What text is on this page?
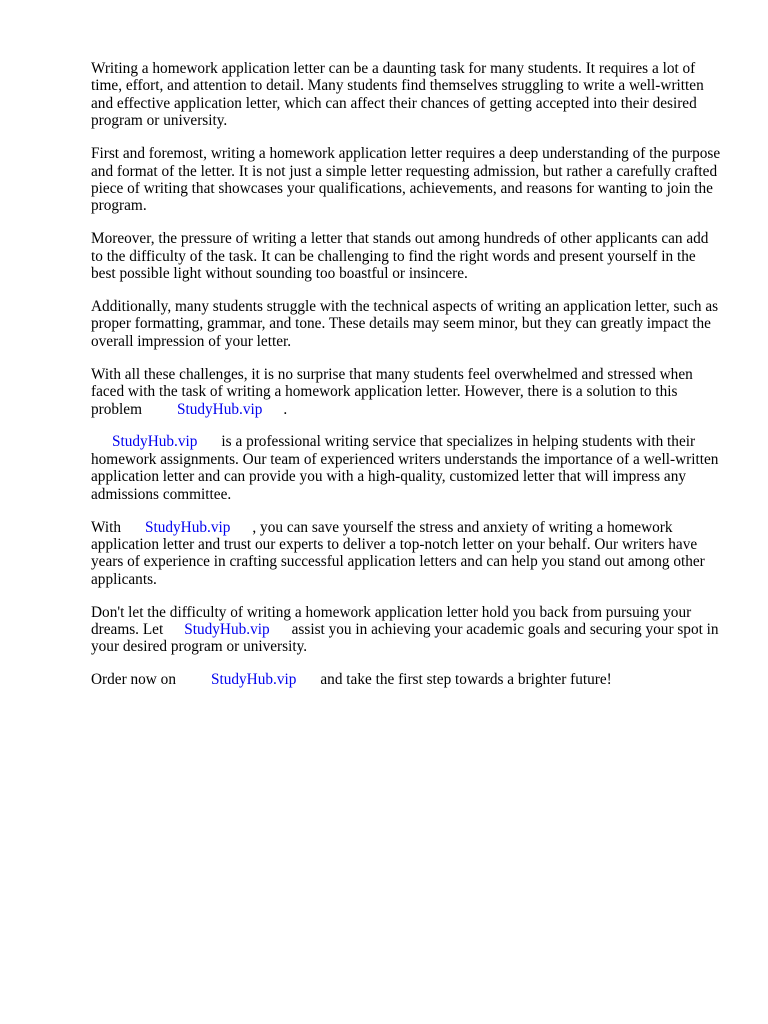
Writing a homework application letter can be a daunting task for many students. It requires a lot of time, effort, and attention to detail. Many students find themselves struggling to write a well-written and effective application letter, which can affect their chances of getting accepted into their desired program or university.

First and foremost, writing a homework application letter requires a deep understanding of the purpose and format of the letter. It is not just a simple letter requesting admission, but rather a carefully crafted piece of writing that showcases your qualifications, achievements, and reasons for wanting to join the program.

Moreover, the pressure of writing a letter that stands out among hundreds of other applicants can add to the difficulty of the task. It can be challenging to find the right words and present yourself in the best possible light without sounding too boastful or insincere.

Additionally, many students struggle with the technical aspects of writing an application letter, such as proper formatting, grammar, and tone. These details may seem minor, but they can greatly impact the overall impression of your letter.

With all these challenges, it is no surprise that many students feel overwhelmed and stressed when faced with the task of writing a homework application letter. However, there is a solution to this problem StudyHub.vip .

StudyHub.vip is a professional writing service that specializes in helping students with their homework assignments. Our team of experienced writers understands the importance of a well-written application letter and can provide you with a high-quality, customized letter that will impress any admissions committee.

With StudyHub.vip , you can save yourself the stress and anxiety of writing a homework application letter and trust our experts to deliver a top-notch letter on your behalf. Our writers have years of experience in crafting successful application letters and can help you stand out among other applicants.

Don't let the difficulty of writing a homework application letter hold you back from pursuing your dreams. Let StudyHub.vip assist you in achieving your academic goals and securing your spot in your desired program or university.

Order now on StudyHub.vip and take the first step towards a brighter future!
